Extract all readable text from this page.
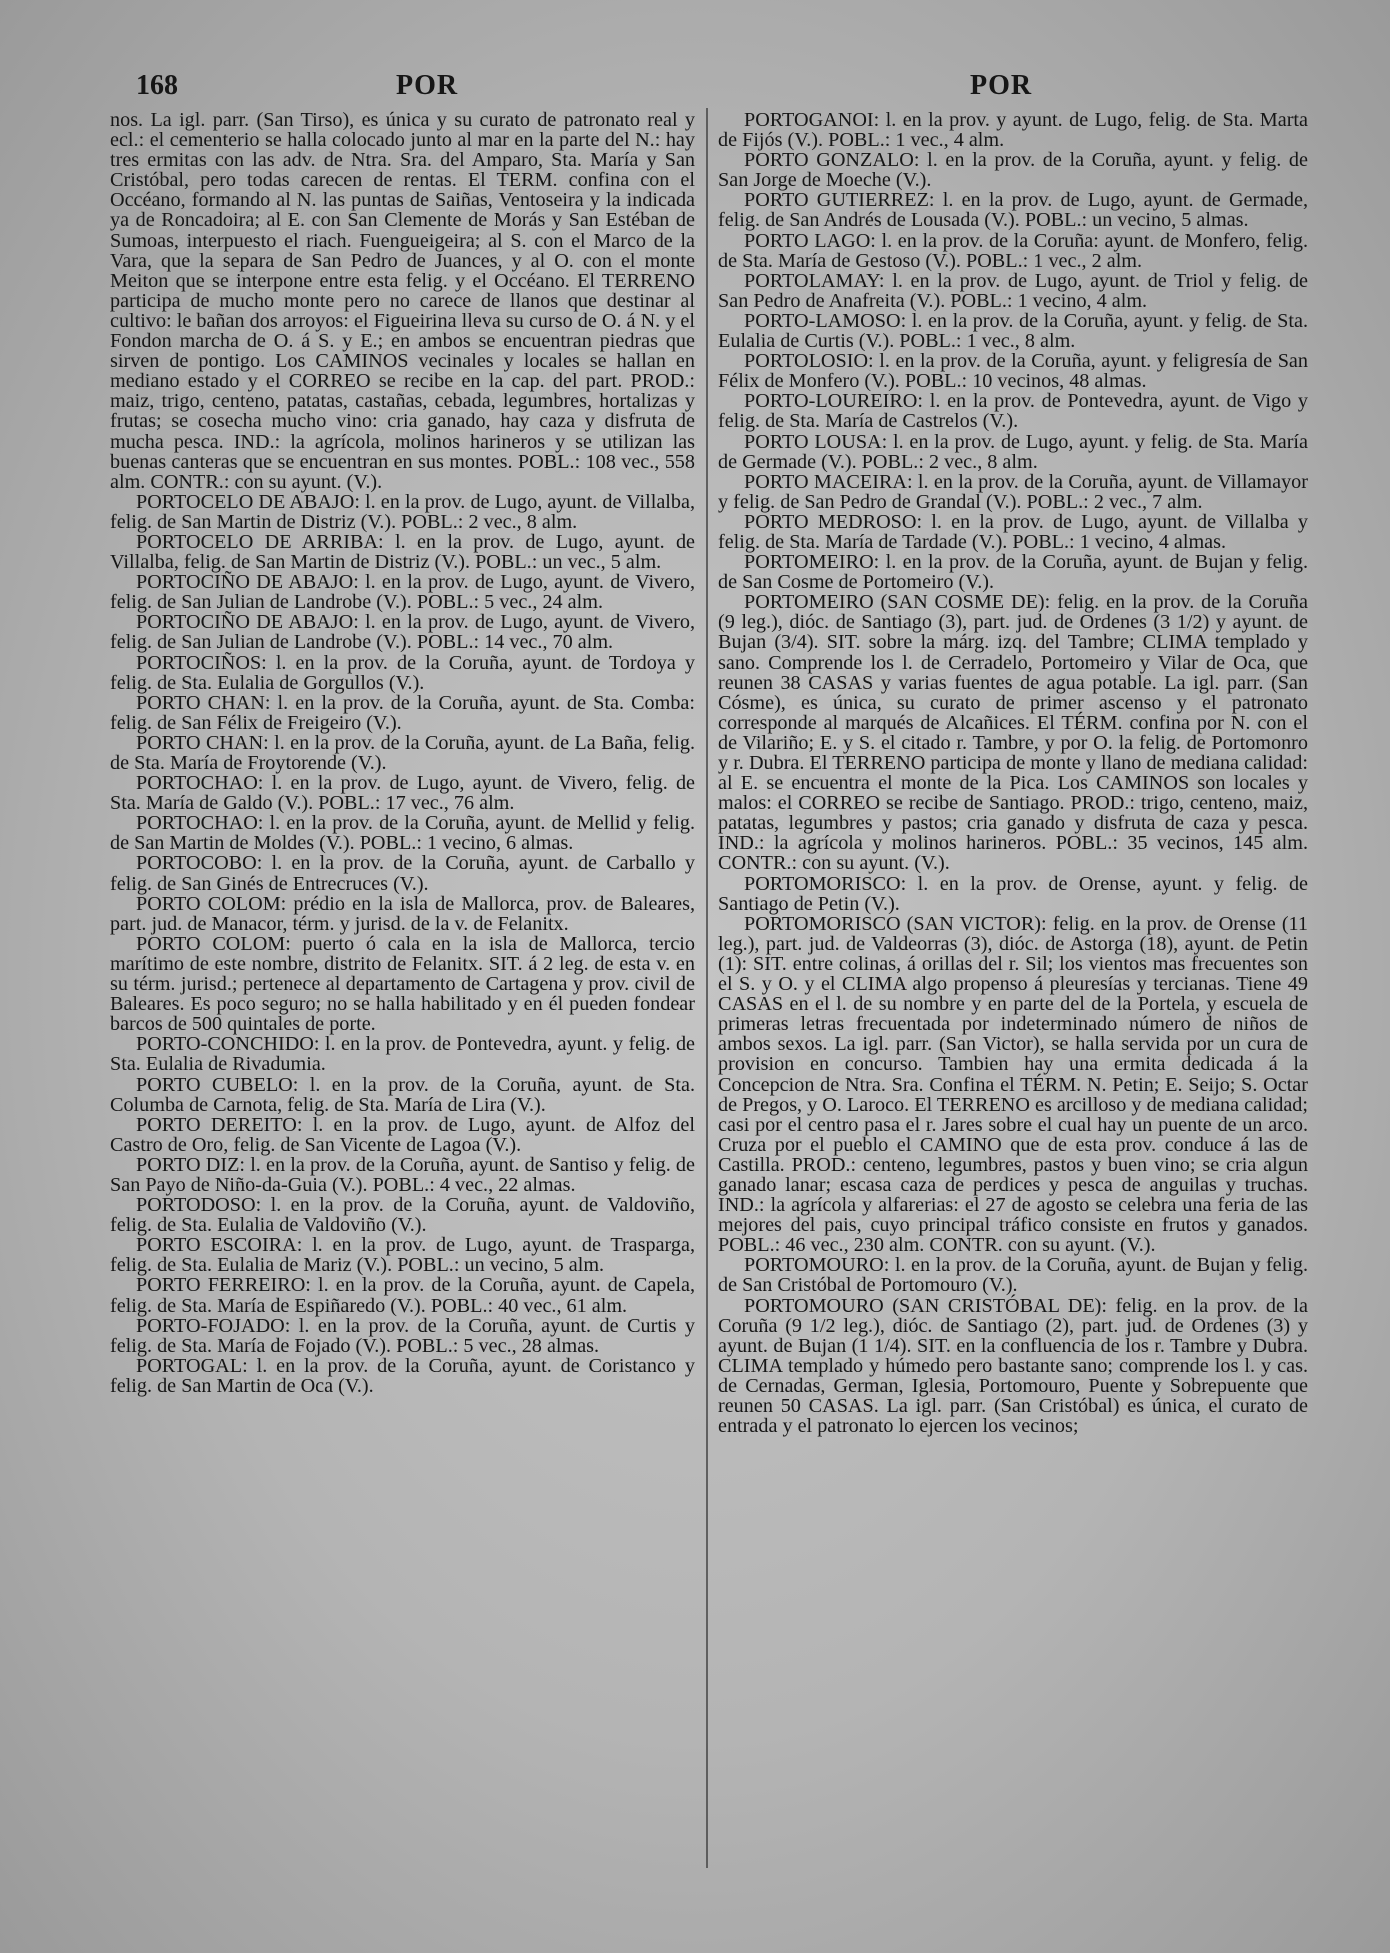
168	POR	POR

nos. La igl. parr. (San Tirso), es única y su curato de patronato real y ecl.: el cementerio se halla colocado junto al mar en la parte del N.: hay tres ermitas con las adv. de Ntra. Sra. del Amparo, Sta. María y San Cristóbal, pero todas carecen de rentas. El TERM. confina con el Occéano, formando al N. las puntas de Saiñas, Ventoseira y la indicada ya de Roncadoira; al E. con San Clemente de Morás y San Estéban de Sumoas, interpuesto el riach. Fuengueigeira; al S. con el Marco de la Vara, que la separa de San Pedro de Juances, y al O. con el monte Meiton que se interpone entre esta felig. y el Occéano. El TERRENO participa de mucho monte pero no carece de llanos que destinar al cultivo: le bañan dos arroyos: el Figueirina lleva su curso de O. á N. y el Fondon marcha de O. á S. y E.; en ambos se encuentran piedras que sirven de pontigo. Los CAMINOS vecinales y locales se hallan en mediano estado y el CORREO se recibe en la cap. del part. PROD.: maiz, trigo, centeno, patatas, castañas, cebada, legumbres, hortalizas y frutas; se cosecha mucho vino: cria ganado, hay caza y disfruta de mucha pesca. IND.: la agrícola, molinos harineros y se utilizan las buenas canteras que se encuentran en sus montes. POBL.: 108 vec., 558 alm. CONTR.: con su ayunt. (V.).

PORTOCELO DE ABAJO: l. en la prov. de Lugo, ayunt. de Villalba, felig. de San Martin de Distriz (V.). POBL.: 2 vec., 8 alm.

PORTOCELO DE ARRIBA: l. en la prov. de Lugo, ayunt. de Villalba, felig. de San Martin de Distriz (V.). POBL.: un vec., 5 alm.

PORTOCIÑO DE ABAJO: l. en la prov. de Lugo, ayunt. de Vivero, felig. de San Julian de Landrobe (V.). POBL.: 5 vec., 24 alm.

PORTOCIÑO DE ABAJO: l. en la prov. de Lugo, ayunt. de Vivero, felig. de San Julian de Landrobe (V.). POBL.: 14 vec., 70 alm.

PORTOCIÑOS: l. en la prov. de la Coruña, ayunt. de Tordoya y felig. de Sta. Eulalia de Gorgullos (V.).

PORTO CHAN: l. en la prov. de la Coruña, ayunt. de Sta. Comba: felig. de San Félix de Freigeiro (V.).

PORTO CHAN: l. en la prov. de la Coruña, ayunt. de La Baña, felig. de Sta. María de Froytorende (V.).

PORTOCHAO: l. en la prov. de Lugo, ayunt. de Vivero, felig. de Sta. María de Galdo (V.). POBL.: 17 vec., 76 alm.

PORTOCHAO: l. en la prov. de la Coruña, ayunt. de Mellid y felig. de San Martin de Moldes (V.). POBL.: 1 vecino, 6 almas.

PORTOCOBO: l. en la prov. de la Coruña, ayunt. de Carballo y felig. de San Ginés de Entrecruces (V.).

PORTO COLOM: prédio en la isla de Mallorca, prov. de Baleares, part. jud. de Manacor, térm. y jurisd. de la v. de Felanitx.

PORTO COLOM: puerto ó cala en la isla de Mallorca, tercio marítimo de este nombre, distrito de Felanitx. SIT. á 2 leg. de esta v. en su térm. jurisd.; pertenece al departamento de Cartagena y prov. civil de Baleares. Es poco seguro; no se halla habilitado y en él pueden fondear barcos de 500 quintales de porte.

PORTO-CONCHIDO: l. en la prov. de Pontevedra, ayunt. y felig. de Sta. Eulalia de Rivadumia.

PORTO CUBELO: l. en la prov. de la Coruña, ayunt. de Sta. Columba de Carnota, felig. de Sta. María de Lira (V.).

PORTO DEREITO: l. en la prov. de Lugo, ayunt. de Alfoz del Castro de Oro, felig. de San Vicente de Lagoa (V.).

PORTO DIZ: l. en la prov. de la Coruña, ayunt. de Santiso y felig. de San Payo de Niño-da-Guia (V.). POBL.: 4 vec., 22 almas.

PORTODOSO: l. en la prov. de la Coruña, ayunt. de Valdoviño, felig. de Sta. Eulalia de Valdoviño (V.).

PORTO ESCOIRA: l. en la prov. de Lugo, ayunt. de Trasparga, felig. de Sta. Eulalia de Mariz (V.). POBL.: un vecino, 5 alm.

PORTO FERREIRO: l. en la prov. de la Coruña, ayunt. de Capela, felig. de Sta. María de Espiñaredo (V.). POBL.: 40 vec., 61 alm.

PORTO-FOJADO: l. en la prov. de la Coruña, ayunt. de Curtis y felig. de Sta. María de Fojado (V.). POBL.: 5 vec., 28 almas.

PORTOGAL: l. en la prov. de la Coruña, ayunt. de Coristanco y felig. de San Martin de Oca (V.).

PORTOGANOI: l. en la prov. y ayunt. de Lugo, felig. de Sta. Marta de Fijós (V.). POBL.: 1 vec., 4 alm.

PORTO GONZALO: l. en la prov. de la Coruña, ayunt. y felig. de San Jorge de Moeche (V.).

PORTO GUTIERREZ: l. en la prov. de Lugo, ayunt. de Germade, felig. de San Andrés de Lousada (V.). POBL.: un vecino, 5 almas.

PORTO LAGO: l. en la prov. de la Coruña: ayunt. de Monfero, felig. de Sta. María de Gestoso (V.). POBL.: 1 vec., 2 alm.

PORTOLAMAY: l. en la prov. de Lugo, ayunt. de Triol y felig. de San Pedro de Anafreita (V.). POBL.: 1 vecino, 4 alm.

PORTO-LAMOSO: l. en la prov. de la Coruña, ayunt. y felig. de Sta. Eulalia de Curtis (V.). POBL.: 1 vec., 8 alm.

PORTOLOSIO: l. en la prov. de la Coruña, ayunt. y feligresía de San Félix de Monfero (V.). POBL.: 10 vecinos, 48 almas.

PORTO-LOUREIRO: l. en la prov. de Pontevedra, ayunt. de Vigo y felig. de Sta. María de Castrelos (V.).

PORTO LOUSA: l. en la prov. de Lugo, ayunt. y felig. de Sta. María de Germade (V.). POBL.: 2 vec., 8 alm.

PORTO MACEIRA: l. en la prov. de la Coruña, ayunt. de Villamayor y felig. de San Pedro de Grandal (V.). POBL.: 2 vec., 7 alm.

PORTO MEDROSO: l. en la prov. de Lugo, ayunt. de Villalba y felig. de Sta. María de Tardade (V.). POBL.: 1 vecino, 4 almas.

PORTOMEIRO: l. en la prov. de la Coruña, ayunt. de Bujan y felig. de San Cosme de Portomeiro (V.).

PORTOMEIRO (SAN COSME DE): felig. en la prov. de la Coruña (9 leg.), dióc. de Santiago (3), part. jud. de Ordenes (3 1/2) y ayunt. de Bujan (3/4). SIT. sobre la márg. izq. del Tambre; CLIMA templado y sano. Comprende los l. de Cerradelo, Portomeiro y Vilar de Oca, que reunen 38 CASAS y varias fuentes de agua potable. La igl. parr. (San Cósme), es única, su curato de primer ascenso y el patronato corresponde al marqués de Alcañices. El TÉRM. confina por N. con el de Vilariño; E. y S. el citado r. Tambre, y por O. la felig. de Portomonro y r. Dubra. El TERRENO participa de monte y llano de mediana calidad: al E. se encuentra el monte de la Pica. Los CAMINOS son locales y malos: el CORREO se recibe de Santiago. PROD.: trigo, centeno, maiz, patatas, legumbres y pastos; cria ganado y disfruta de caza y pesca. IND.: la agrícola y molinos harineros. POBL.: 35 vecinos, 145 alm. CONTR.: con su ayunt. (V.).

PORTOMORISCO: l. en la prov. de Orense, ayunt. y felig. de Santiago de Petin (V.).

PORTOMORISCO (SAN VICTOR): felig. en la prov. de Orense (11 leg.), part. jud. de Valdeorras (3), dióc. de Astorga (18), ayunt. de Petin (1): SIT. entre colinas, á orillas del r. Sil; los vientos mas frecuentes son el S. y O. y el CLIMA algo propenso á pleuresías y tercianas. Tiene 49 CASAS en el l. de su nombre y en parte del de la Portela, y escuela de primeras letras frecuentada por indeterminado número de niños de ambos sexos. La igl. parr. (San Victor), se halla servida por un cura de provision en concurso. Tambien hay una ermita dedicada á la Concepcion de Ntra. Sra. Confina el TÉRM. N. Petin; E. Seijo; S. Octar de Pregos, y O. Laroco. El TERRENO es arcilloso y de mediana calidad; casi por el centro pasa el r. Jares sobre el cual hay un puente de un arco. Cruza por el pueblo el CAMINO que de esta prov. conduce á las de Castilla. PROD.: centeno, legumbres, pastos y buen vino; se cria algun ganado lanar; escasa caza de perdices y pesca de anguilas y truchas. IND.: la agrícola y alfarerias: el 27 de agosto se celebra una feria de las mejores del pais, cuyo principal tráfico consiste en frutos y ganados. POBL.: 46 vec., 230 alm. CONTR. con su ayunt. (V.).

PORTOMOURO: l. en la prov. de la Coruña, ayunt. de Bujan y felig. de San Cristóbal de Portomouro (V.).

PORTOMOURO (SAN CRISTÓBAL DE): felig. en la prov. de la Coruña (9 1/2 leg.), dióc. de Santiago (2), part. jud. de Ordenes (3) y ayunt. de Bujan (1 1/4). SIT. en la confluencia de los r. Tambre y Dubra. CLIMA templado y húmedo pero bastante sano; comprende los l. y cas. de Cernadas, German, Iglesia, Portomouro, Puente y Sobrepuente que reunen 50 CASAS. La igl. parr. (San Cristóbal) es única, el curato de entrada y el patronato lo ejercen los vecinos;
